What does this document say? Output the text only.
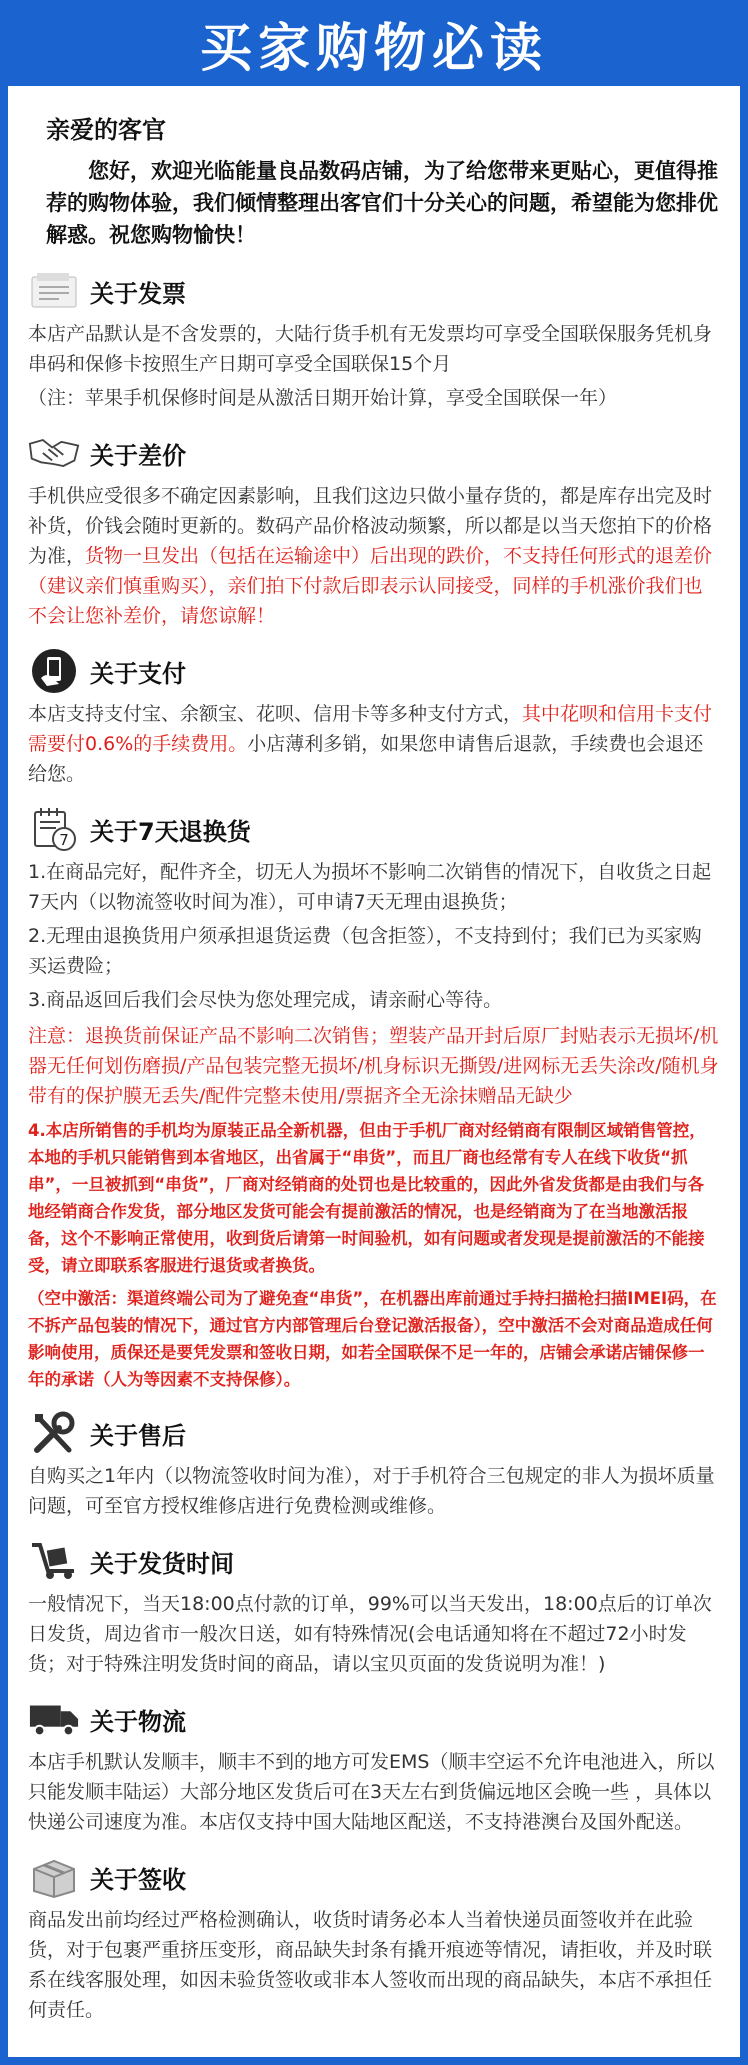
买家购物必读
亲爱的客官
您好，欢迎光临能量良品数码店铺，为了给您带来更贴心，更值得推荐的购物体验，我们倾情整理出客官们十分关心的问题，希望能为您排优解惑。祝您购物愉快！
关于发票
本店产品默认是不含发票的，大陆行货手机有无发票均可享受全国联保服务凭机身串码和保修卡按照生产日期可享受全国联保15个月
（注：苹果手机保修时间是从激活日期开始计算，享受全国联保一年）
关于差价
手机供应受很多不确定因素影响，且我们这边只做小量存货的，都是库存出完及时补货，价钱会随时更新的。数码产品价格波动频繁，所以都是以当天您拍下的价格为准，货物一旦发出（包括在运输途中）后出现的跌价，不支持任何形式的退差价（建议亲们慎重购买），亲们拍下付款后即表示认同接受，同样的手机涨价我们也不会让您补差价，请您谅解！
关于支付
本店支持支付宝、余额宝、花呗、信用卡等多种支付方式，其中花呗和信用卡支付需要付0.6%的手续费用。小店薄利多销，如果您申请售后退款，手续费也会退还给您。
7 关于7天退换货
1.在商品完好，配件齐全，切无人为损坏不影响二次销售的情况下，自收货之日起7天内（以物流签收时间为准），可申请7天无理由退换货；
2.无理由退换货用户须承担退货运费（包含拒签），不支持到付；我们已为买家购买运费险；
3.商品返回后我们会尽快为您处理完成，请亲耐心等待。
注意：退换货前保证产品不影响二次销售；塑装产品开封后原厂封贴表示无损坏/机器无任何划伤磨损/产品包装完整无损坏/机身标识无撕毁/进网标无丢失涂改/随机身带有的保护膜无丢失/配件完整未使用/票据齐全无涂抹赠品无缺少
4.本店所销售的手机均为原装正品全新机器，但由于手机厂商对经销商有限制区域销售管控，本地的手机只能销售到本省地区，出省属于“串货”，而且厂商也经常有专人在线下收货“抓串”，一旦被抓到“串货”，厂商对经销商的处罚也是比较重的，因此外省发货都是由我们与各地经销商合作发货，部分地区发货可能会有提前激活的情况，也是经销商为了在当地激活报备，这个不影响正常使用，收到货后请第一时间验机，如有问题或者发现是提前激活的不能接受，请立即联系客服进行退货或者换货。
（空中激活：渠道终端公司为了避免查“串货”，在机器出库前通过手持扫描枪扫描IMEI码，在不拆产品包装的情况下，通过官方内部管理后台登记激活报备），空中激活不会对商品造成任何影响使用，质保还是要凭发票和签收日期，如若全国联保不足一年的，店铺会承诺店铺保修一年的承诺（人为等因素不支持保修）。
关于售后
自购买之1年内（以物流签收时间为准），对于手机符合三包规定的非人为损坏质量问题，可至官方授权维修店进行免费检测或维修。
关于发货时间
一般情况下，当天18:00点付款的订单，99%可以当天发出，18:00点后的订单次日发货，周边省市一般次日送，如有特殊情况(会电话通知将在不超过72小时发货；对于特殊注明发货时间的商品，请以宝贝页面的发货说明为准！)
关于物流
本店手机默认发顺丰，顺丰不到的地方可发EMS（顺丰空运不允许电池进入，所以只能发顺丰陆运）大部分地区发货后可在3天左右到货偏远地区会晚一些 ，具体以快递公司速度为准。本店仅支持中国大陆地区配送，不支持港澳台及国外配送。
关于签收
商品发出前均经过严格检测确认，收货时请务必本人当着快递员面签收并在此验货，对于包裹严重挤压变形，商品缺失封条有撬开痕迹等情况，请拒收，并及时联系在线客服处理，如因未验货签收或非本人签收而出现的商品缺失，本店不承担任何责任。
